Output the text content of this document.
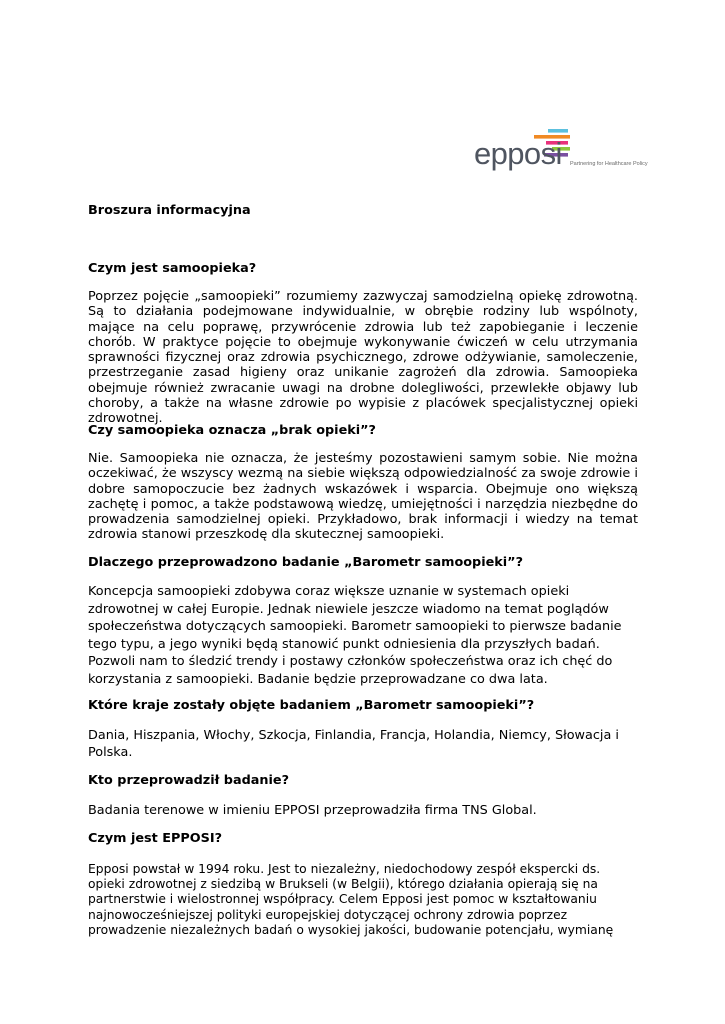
epposi Partnering for Healthcare Policy
Broszura informacyjna
Czym jest samoopieka?

Poprzez pojęcie „samoopieki” rozumiemy zazwyczaj samodzielną opiekę zdrowotną. Są to działania podejmowane indywidualnie, w obrębie rodziny lub wspólnoty, mające na celu poprawę, przywrócenie zdrowia lub też zapobieganie i leczenie chorób. W praktyce pojęcie to obejmuje wykonywanie ćwiczeń w celu utrzymania sprawności fizycznej oraz zdrowia psychicznego, zdrowe odżywianie, samoleczenie, przestrzeganie zasad higieny oraz unikanie zagrożeń dla zdrowia. Samoopieka obejmuje również zwracanie uwagi na drobne dolegliwości, przewlekłe objawy lub choroby, a także na własne zdrowie po wypisie z placówek specjalistycznej opieki zdrowotnej.

Czy samoopieka oznacza „brak opieki”?

Nie. Samoopieka nie oznacza, że jesteśmy pozostawieni samym sobie. Nie można oczekiwać, że wszyscy wezmą na siebie większą odpowiedzialność za swoje zdrowie i dobre samopoczucie bez żadnych wskazówek i wsparcia. Obejmuje ono większą zachętę i pomoc, a także podstawową wiedzę, umiejętności i narzędzia niezbędne do prowadzenia samodzielnej opieki. Przykładowo, brak informacji i wiedzy na temat zdrowia stanowi przeszkodę dla skutecznej samoopieki.

Dlaczego przeprowadzono badanie „Barometr samoopieki”?

Koncepcja samoopieki zdobywa coraz większe uznanie w systemach opieki zdrowotnej w całej Europie. Jednak niewiele jeszcze wiadomo na temat poglądów społeczeństwa dotyczących samoopieki. Barometr samoopieki to pierwsze badanie tego typu, a jego wyniki będą stanowić punkt odniesienia dla przyszłych badań. Pozwoli nam to śledzić trendy i postawy członków społeczeństwa oraz ich chęć do korzystania z samoopieki. Badanie będzie przeprowadzane co dwa lata.

Które kraje zostały objęte badaniem „Barometr samoopieki”?

Dania, Hiszpania, Włochy, Szkocja, Finlandia, Francja, Holandia, Niemcy, Słowacja i Polska.

Kto przeprowadził badanie?

Badania terenowe w imieniu EPPOSI przeprowadziła firma TNS Global.

Czym jest EPPOSI?

Epposi powstał w 1994 roku. Jest to niezależny, niedochodowy zespół ekspercki ds. opieki zdrowotnej z siedzibą w Brukseli (w Belgii), którego działania opierają się na partnerstwie i wielostronnej współpracy. Celem Epposi jest pomoc w kształtowaniu najnowocześniejszej polityki europejskiej dotyczącej ochrony zdrowia poprzez prowadzenie niezależnych badań o wysokiej jakości, budowanie potencjału, wymianę
